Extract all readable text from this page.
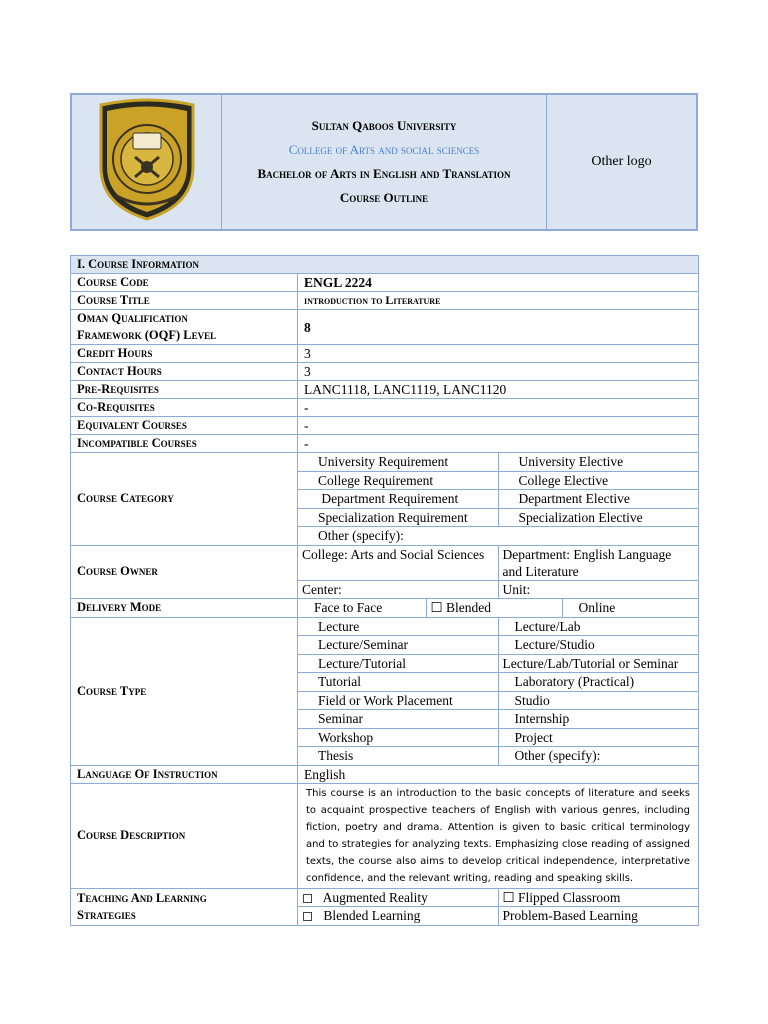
Sultan Qaboos University
College of Arts and social sciences
Bachelor of Arts in English and Translation
Course Outline
	Other logo
I. Course Information
Course Code	ENGL 2224
Course Title	introduction to Literature
Oman Qualification
Framework (OQF) Level	8
Credit Hours	3
Contact Hours	3
Pre-Requisites	LANC1118, LANC1119, LANC1120
Co-Requisites	-
Equivalent Courses	-
Incompatible Courses	-
Course Category	
University Requirement	University Elective
College Requirement	College Elective
Department Requirement	Department Elective
Specialization Requirement	Specialization Elective
Other (specify):

Course Owner	
College: Arts and Social Sciences	Department: English Language and Literature
Center:	Unit:

Delivery Mode		Face to Face	☐ Blended	Online

Course Type	
Lecture	Lecture/Lab
Lecture/Seminar	Lecture/Studio
Lecture/Tutorial	Lecture/Lab/Tutorial or Seminar
Tutorial	Laboratory (Practical)
Field or Work Placement	Studio
Seminar	Internship
Workshop	Project
Thesis	Other (specify):

Language Of Instruction	English
Course Description	This course is an introduction to the basic concepts of literature and seeks to acquaint prospective teachers of English with various genres, including fiction, poetry and drama. Attention is given to basic critical terminology and to strategies for analyzing texts. Emphasizing close reading of assigned texts, the course also aims to develop critical independence, interpretative confidence, and the relevant writing, reading and speaking skills.
Teaching And Learning
Strategies	
◻   Augmented Reality	☐ Flipped Classroom
◻   Blended Learning	Problem-Based Learning
